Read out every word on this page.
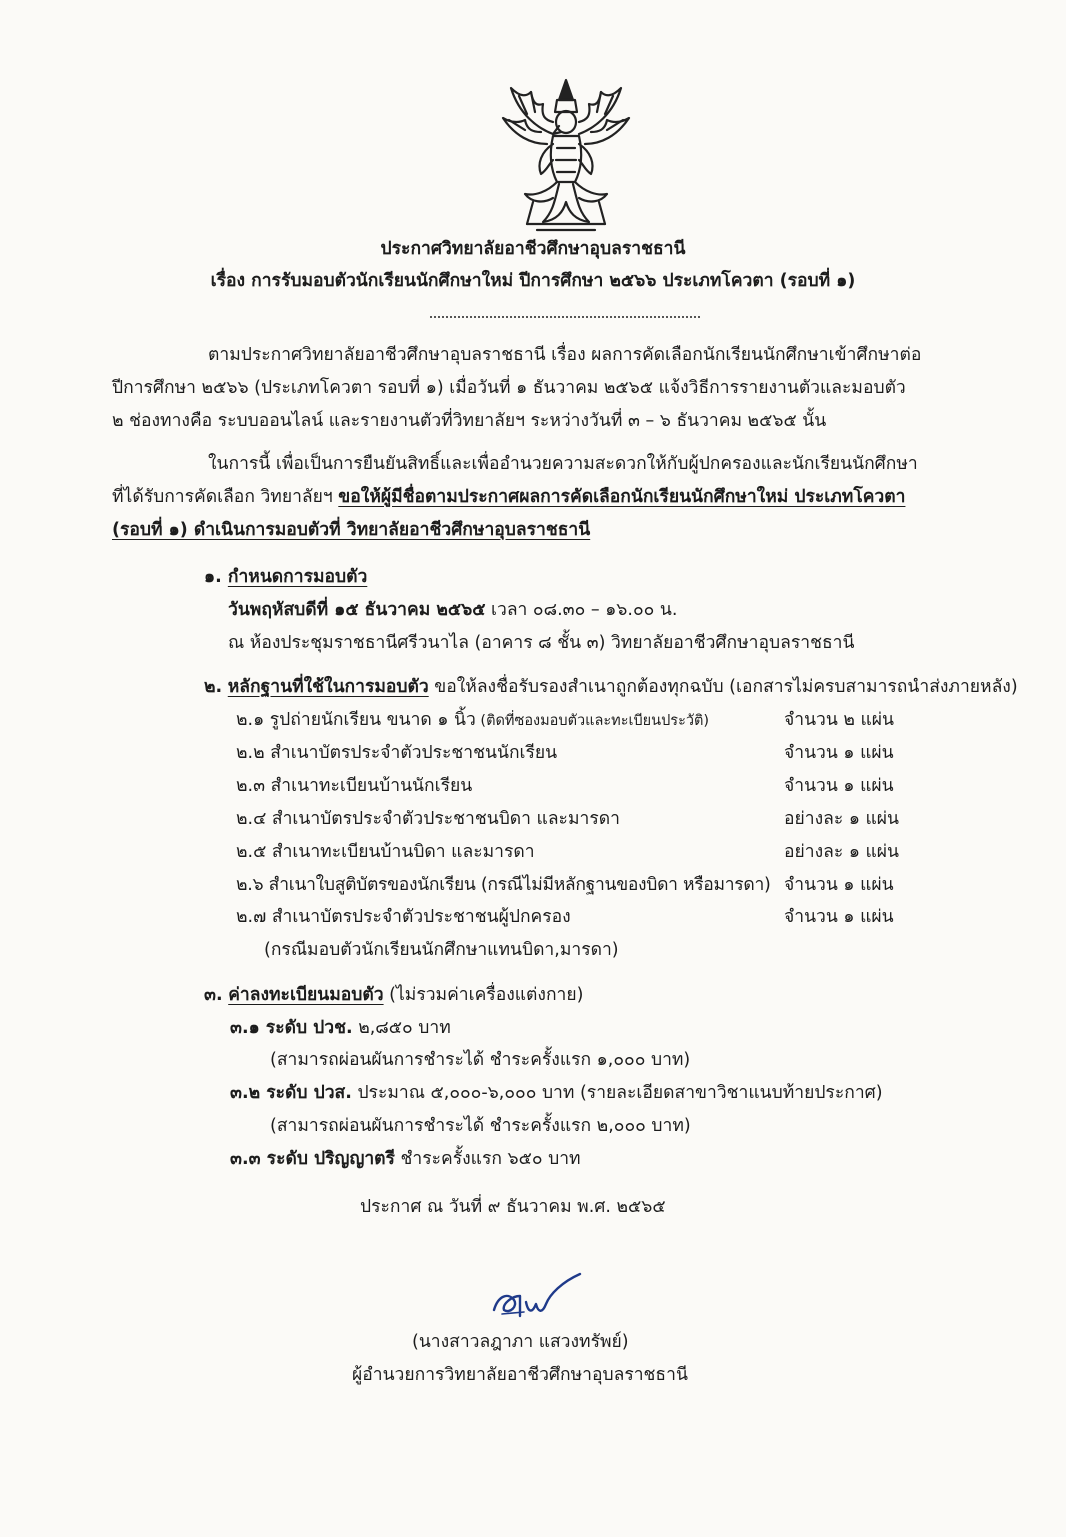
ประกาศวิทยาลัยอาชีวศึกษาอุบลราชธานี
เรื่อง การรับมอบตัวนักเรียนนักศึกษาใหม่ ปีการศึกษา ๒๕๖๖ ประเภทโควตา (รอบที่ ๑)
ตามประกาศวิทยาลัยอาชีวศึกษาอุบลราชธานี เรื่อง ผลการคัดเลือกนักเรียนนักศึกษาเข้าศึกษาต่อ
ปีการศึกษา ๒๕๖๖ (ประเภทโควตา รอบที่ ๑) เมื่อวันที่ ๑ ธันวาคม ๒๕๖๕ แจ้งวิธีการรายงานตัวและมอบตัว
๒ ช่องทางคือ ระบบออนไลน์ และรายงานตัวที่วิทยาลัยฯ ระหว่างวันที่ ๓ – ๖ ธันวาคม ๒๕๖๕ นั้น
ในการนี้ เพื่อเป็นการยืนยันสิทธิ์และเพื่ออำนวยความสะดวกให้กับผู้ปกครองและนักเรียนนักศึกษา
ที่ได้รับการคัดเลือก วิทยาลัยฯ ขอให้ผู้มีชื่อตามประกาศผลการคัดเลือกนักเรียนนักศึกษาใหม่ ประเภทโควตา
(รอบที่ ๑) ดำเนินการมอบตัวที่ วิทยาลัยอาชีวศึกษาอุบลราชธานี
๑. กำหนดการมอบตัว
วันพฤหัสบดีที่ ๑๕ ธันวาคม ๒๕๖๕ เวลา ๐๘.๓๐ – ๑๖.๐๐ น.
ณ ห้องประชุมราชธานีศรีวนาไล (อาคาร ๘ ชั้น ๓) วิทยาลัยอาชีวศึกษาอุบลราชธานี
๒. หลักฐานที่ใช้ในการมอบตัว ขอให้ลงชื่อรับรองสำเนาถูกต้องทุกฉบับ (เอกสารไม่ครบสามารถนำส่งภายหลัง)
๒.๑ รูปถ่ายนักเรียน ขนาด ๑ นิ้ว (ติดที่ซองมอบตัวและทะเบียนประวัติ)	จำนวน ๒ แผ่น
๒.๒ สำเนาบัตรประจำตัวประชาชนนักเรียน	จำนวน ๑ แผ่น
๒.๓ สำเนาทะเบียนบ้านนักเรียน	จำนวน ๑ แผ่น
๒.๔ สำเนาบัตรประจำตัวประชาชนบิดา และมารดา	อย่างละ ๑ แผ่น
๒.๕ สำเนาทะเบียนบ้านบิดา และมารดา	อย่างละ ๑ แผ่น
๒.๖ สำเนาใบสูติบัตรของนักเรียน (กรณีไม่มีหลักฐานของบิดา หรือมารดา) จำนวน ๑ แผ่น
๒.๗ สำเนาบัตรประจำตัวประชาชนผู้ปกครอง	จำนวน ๑ แผ่น
(กรณีมอบตัวนักเรียนนักศึกษาแทนบิดา,มารดา)
๓. ค่าลงทะเบียนมอบตัว (ไม่รวมค่าเครื่องแต่งกาย)
๓.๑ ระดับ ปวช. ๒,๘๕๐ บาท
(สามารถผ่อนผันการชำระได้ ชำระครั้งแรก ๑,๐๐๐ บาท)
๓.๒ ระดับ ปวส. ประมาณ ๕,๐๐๐-๖,๐๐๐ บาท (รายละเอียดสาขาวิชาแนบท้ายประกาศ)
(สามารถผ่อนผันการชำระได้ ชำระครั้งแรก ๒,๐๐๐ บาท)
๓.๓ ระดับ ปริญญาตรี ชำระครั้งแรก ๖๕๐ บาท
ประกาศ ณ วันที่ ๙ ธันวาคม พ.ศ. ๒๕๖๕
(นางสาวลฎาภา แสวงทรัพย์)
ผู้อำนวยการวิทยาลัยอาชีวศึกษาอุบลราชธานี
